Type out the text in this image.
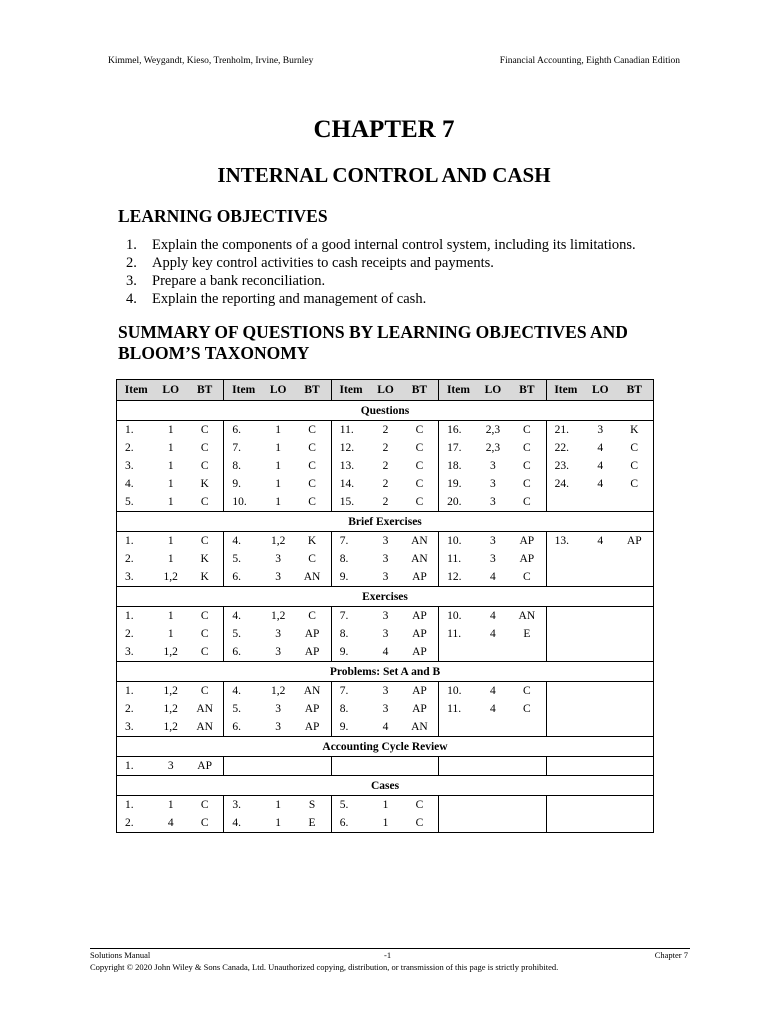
Kimmel, Weygandt, Kieso, Trenholm, Irvine, Burnley	Financial Accounting, Eighth Canadian Edition
CHAPTER 7
INTERNAL CONTROL AND CASH
LEARNING OBJECTIVES
1. Explain the components of a good internal control system, including its limitations.
2. Apply key control activities to cash receipts and payments.
3. Prepare a bank reconciliation.
4. Explain the reporting and management of cash.
SUMMARY OF QUESTIONS BY LEARNING OBJECTIVES AND BLOOM’S TAXONOMY
Item	LO	BT	Item	LO	BT	Item	LO	BT	Item	LO	BT	Item	LO	BT
Questions														
1.	1	C	6.	1	C	11.	2	C	16.	2,3	C	21.	3	K
2.	1	C	7.	1	C	12.	2	C	17.	2,3	C	22.	4	C
3.	1	C	8.	1	C	13.	2	C	18.	3	C	23.	4	C
4.	1	K	9.	1	C	14.	2	C	19.	3	C	24.	4	C
5.	1	C	10.	1	C	15.	2	C	20.	3	C			
Brief Exercises														
1.	1	C	4.	1,2	K	7.	3	AN	10.	3	AP	13.	4	AP
2.	1	K	5.	3	C	8.	3	AN	11.	3	AP			
3.	1,2	K	6.	3	AN	9.	3	AP	12.	4	C			
Exercises														
1.	1	C	4.	1,2	C	7.	3	AP	10.	4	AN			
2.	1	C	5.	3	AP	8.	3	AP	11.	4	E			
3.	1,2	C	6.	3	AP	9.	4	AP						
Problems: Set A and B														
1.	1,2	C	4.	1,2	AN	7.	3	AP	10.	4	C			
2.	1,2	AN	5.	3	AP	8.	3	AP	11.	4	C			
3.	1,2	AN	6.	3	AP	9.	4	AN						
Accounting Cycle Review														
1.	3	AP												
Cases														
1.	1	C	3.	1	S	5.	1	C						
2.	4	C	4.	1	E	6.	1	C						
Solutions Manual	-1	Chapter 7
Copyright © 2020 John Wiley & Sons Canada, Ltd. Unauthorized copying, distribution, or transmission of this page is strictly prohibited.
